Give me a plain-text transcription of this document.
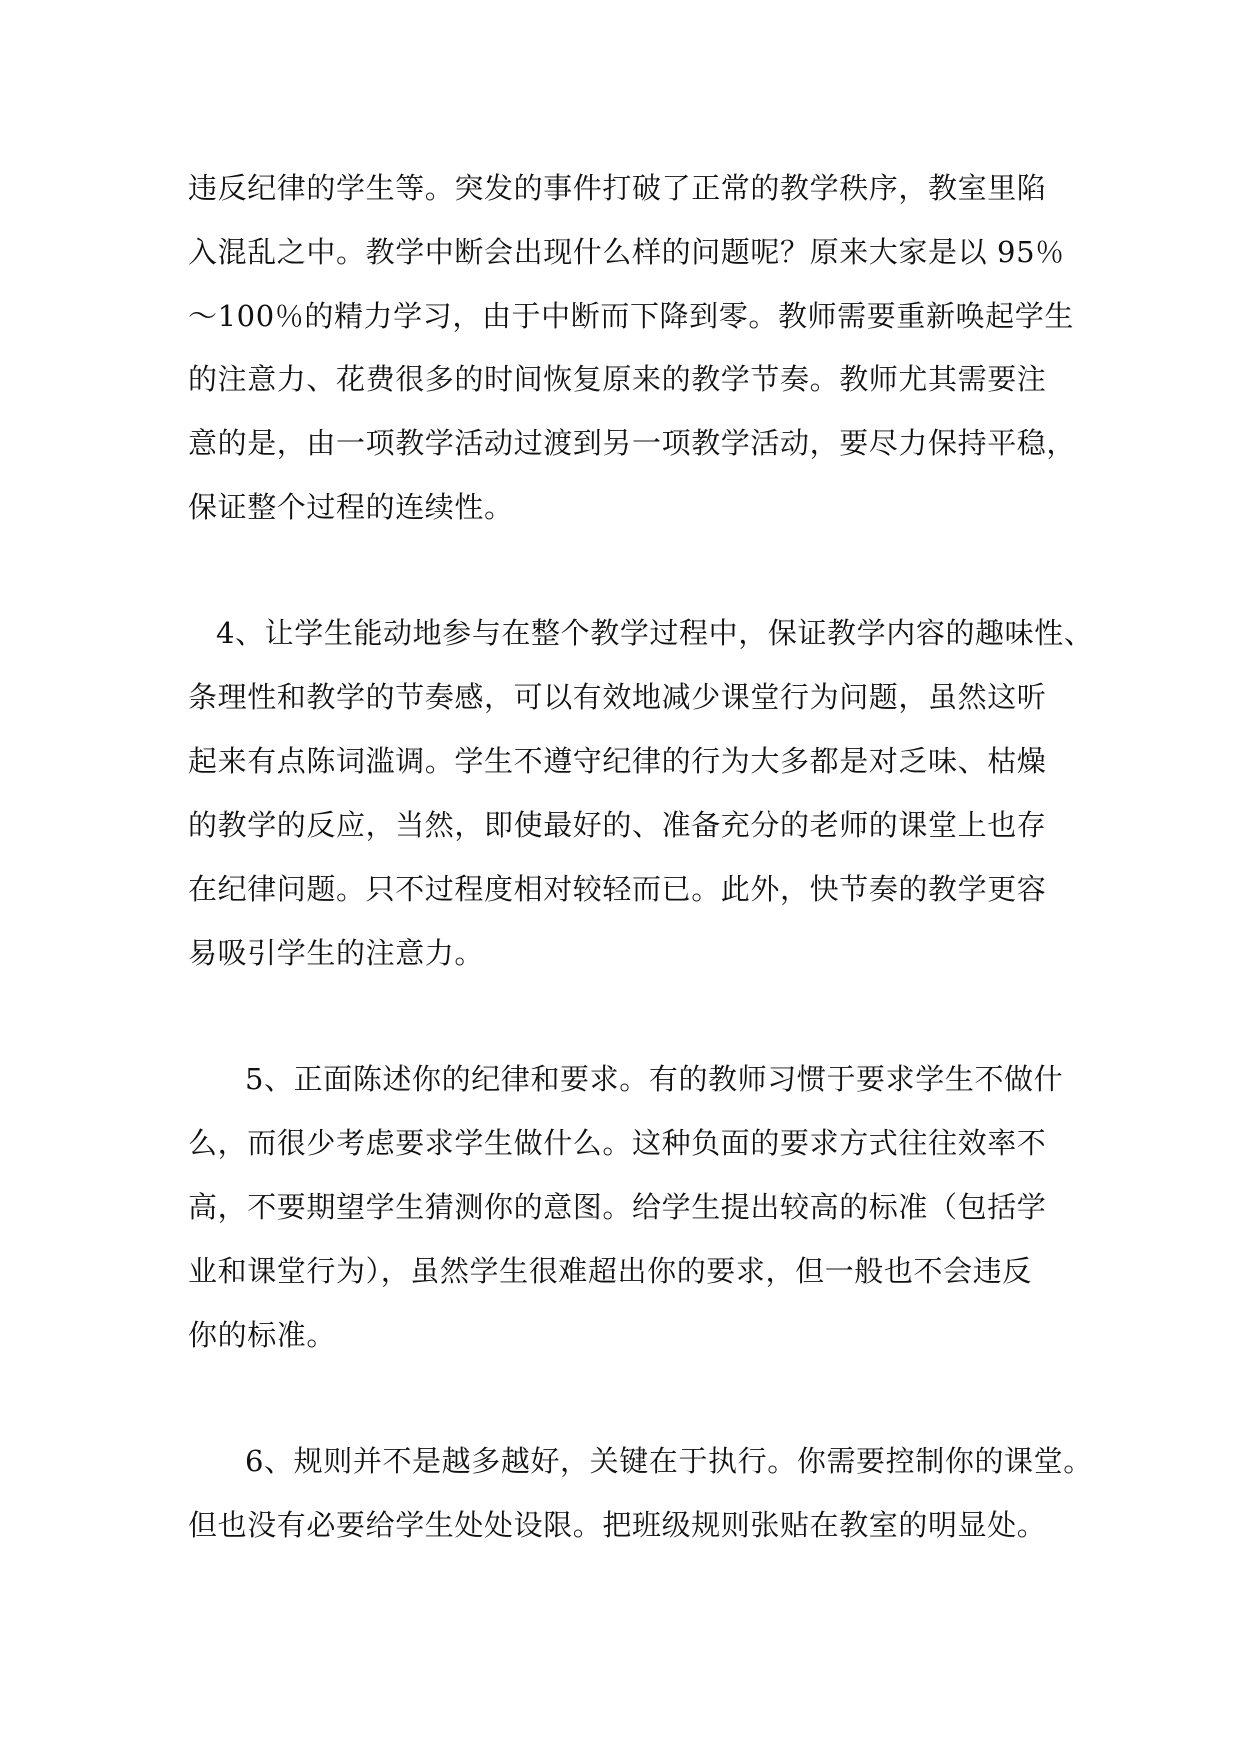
违反纪律的学生等。突发的事件打破了正常的教学秩序，教室里陷

入混乱之中。教学中断会出现什么样的问题呢？原来大家是以 95％

～100％的精力学习，由于中断而下降到零。教师需要重新唤起学生

的注意力、花费很多的时间恢复原来的教学节奏。教师尤其需要注

意的是，由一项教学活动过渡到另一项教学活动，要尽力保持平稳，

保证整个过程的连续性。

4、让学生能动地参与在整个教学过程中，保证教学内容的趣味性、

条理性和教学的节奏感，可以有效地减少课堂行为问题，虽然这听

起来有点陈词滥调。学生不遵守纪律的行为大多都是对乏味、枯燥

的教学的反应，当然，即使最好的、准备充分的老师的课堂上也存

在纪律问题。只不过程度相对较轻而已。此外，快节奏的教学更容

易吸引学生的注意力。

5、正面陈述你的纪律和要求。有的教师习惯于要求学生不做什

么，而很少考虑要求学生做什么。这种负面的要求方式往往效率不

高，不要期望学生猜测你的意图。给学生提出较高的标准（包括学

业和课堂行为），虽然学生很难超出你的要求，但一般也不会违反

你的标准。

6、规则并不是越多越好，关键在于执行。你需要控制你的课堂。

但也没有必要给学生处处设限。把班级规则张贴在教室的明显处。
